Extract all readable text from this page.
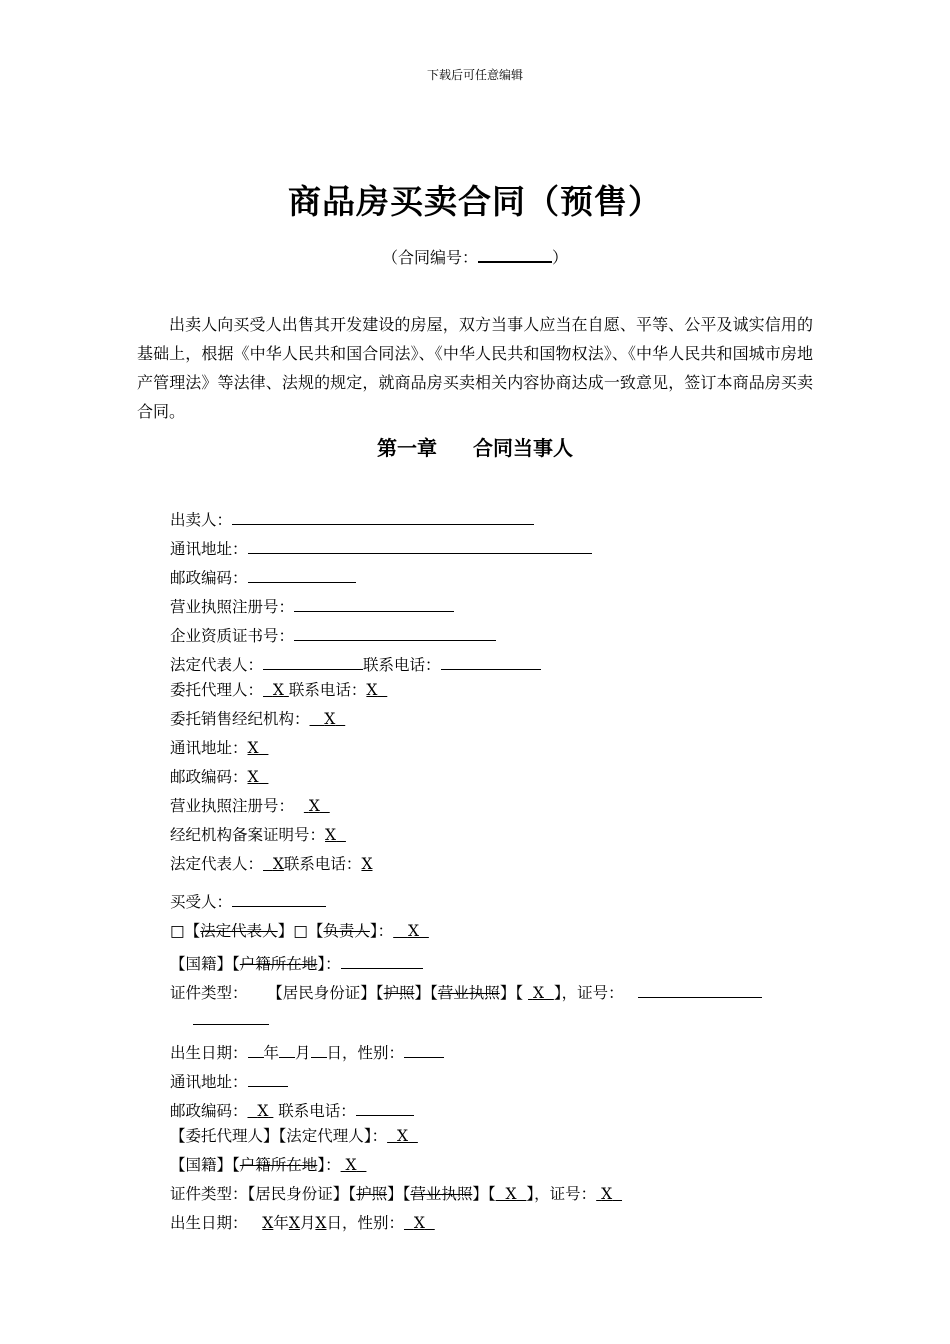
下载后可任意编辑
商品房买卖合同（预售）
（合同编号：	）
出卖人向买受人出售其开发建设的房屋，双方当事人应当在自愿、平等、公平及诚实信用的基础上，根据《中华人民共和国合同法》、《中华人民共和国物权法》、《中华人民共和国城市房地产管理法》等法律、法规的规定，就商品房买卖相关内容协商达成一致意见，签订本商品房买卖合同。
第一章 合同当事人
出卖人：
通讯地址：
邮政编码：
营业执照注册号：
企业资质证书号：
法定代表人：	联系电话：
委托代理人： X 联系电话：X
委托销售经纪机构： X
通讯地址：X
邮政编码：X
营业执照注册号： X
经纪机构备案证明号：X
法定代表人： X联系电话：X
买受人：
□【法定代表人】□【负责人】： X
【国籍】【户籍所在地】：
证件类型：    【居民身份证】【护照】【营业执照】【  X 】，证号：
出生日期： 年 月 日，性别：
通讯地址：
邮政编码： X 联系电话：
【委托代理人】【法定代理人】： X
【国籍】【户籍所在地】： X
证件类型：【居民身份证】【护照】【营业执照】【 X 】，证号： X
出生日期： X年X月X日，性别： X
